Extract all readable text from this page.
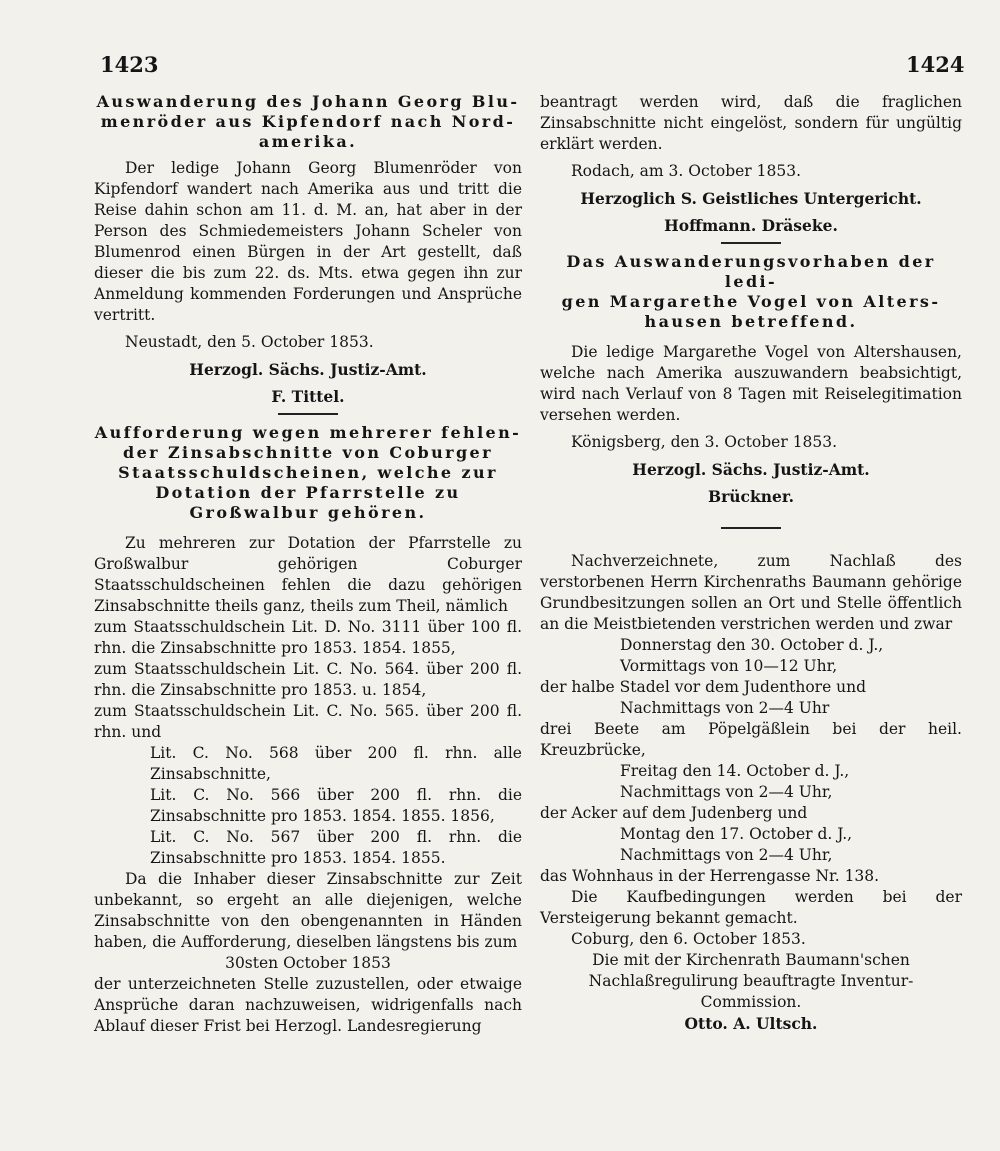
1423	1424

Auswanderung des Johann Georg Blu-

menröder aus Kipfendorf nach Nord-

amerika.

Der ledige Johann Georg Blumenröder von Kipfendorf wandert nach Amerika aus und tritt die Reise dahin schon am 11. d. M. an, hat aber in der Person des Schmiedemeisters Johann Scheler von Blumenrod einen Bürgen in der Art gestellt, daß dieser die bis zum 22. ds. Mts. etwa gegen ihn zur Anmeldung kommenden Forderungen und Ansprüche vertritt.

Neustadt, den 5. October 1853.

Herzogl. Sächs. Justiz-Amt.

F. Tittel.

Aufforderung wegen mehrerer fehlen-

der Zinsabschnitte von Coburger

Staatsschuldscheinen, welche zur

Dotation der Pfarrstelle zu

Großwalbur gehören.

Zu mehreren zur Dotation der Pfarrstelle zu Großwalbur gehörigen Coburger Staatsschuldscheinen fehlen die dazu gehörigen Zinsabschnitte theils ganz, theils zum Theil, nämlich

zum Staatsschuldschein Lit. D. No. 3111 über 100 fl. rhn. die Zinsabschnitte pro 1853. 1854. 1855,

zum Staatsschuldschein Lit. C. No. 564. über 200 fl. rhn. die Zinsabschnitte pro 1853. u. 1854,

zum Staatsschuldschein Lit. C. No. 565. über 200 fl. rhn. und

Lit. C. No. 568 über 200 fl. rhn. alle Zinsabschnitte,

Lit. C. No. 566 über 200 fl. rhn. die Zinsabschnitte pro 1853. 1854. 1855. 1856,

Lit. C. No. 567 über 200 fl. rhn. die Zinsabschnitte pro 1853. 1854. 1855.

Da die Inhaber dieser Zinsabschnitte zur Zeit unbekannt, so ergeht an alle diejenigen, welche Zinsabschnitte von den obengenannten in Händen haben, die Aufforderung, dieselben längstens bis zum

30sten October 1853

der unterzeichneten Stelle zuzustellen, oder etwaige Ansprüche daran nachzuweisen, widrigenfalls nach Ablauf dieser Frist bei Herzogl. Landesregierung

beantragt werden wird, daß die fraglichen Zinsabschnitte nicht eingelöst, sondern für ungültig erklärt werden.

Rodach, am 3. October 1853.

Herzoglich S. Geistliches Untergericht.

Hoffmann. Dräseke.

Das Auswanderungsvorhaben der ledi-

gen Margarethe Vogel von Alters-

hausen betreffend.

Die ledige Margarethe Vogel von Altershausen, welche nach Amerika auszuwandern beabsichtigt, wird nach Verlauf von 8 Tagen mit Reiselegitimation versehen werden.

Königsberg, den 3. October 1853.

Herzogl. Sächs. Justiz-Amt.

Brückner.

Nachverzeichnete, zum Nachlaß des verstorbenen Herrn Kirchenraths Baumann gehörige Grundbesitzungen sollen an Ort und Stelle öffentlich an die Meistbietenden verstrichen werden und zwar

Donnerstag den 30. October d. J.,

Vormittags von 10—12 Uhr,

der halbe Stadel vor dem Judenthore und

Nachmittags von 2—4 Uhr

drei Beete am Pöpelgäßlein bei der heil. Kreuzbrücke,

Freitag den 14. October d. J.,

Nachmittags von 2—4 Uhr,

der Acker auf dem Judenberg und

Montag den 17. October d. J.,

Nachmittags von 2—4 Uhr,

das Wohnhaus in der Herrengasse Nr. 138.

Die Kaufbedingungen werden bei der Versteigerung bekannt gemacht.

Coburg, den 6. October 1853.

Die mit der Kirchenrath Baumann'schen Nachlaßregulirung beauftragte Inventur-Commission.

Otto. A. Ultsch.
